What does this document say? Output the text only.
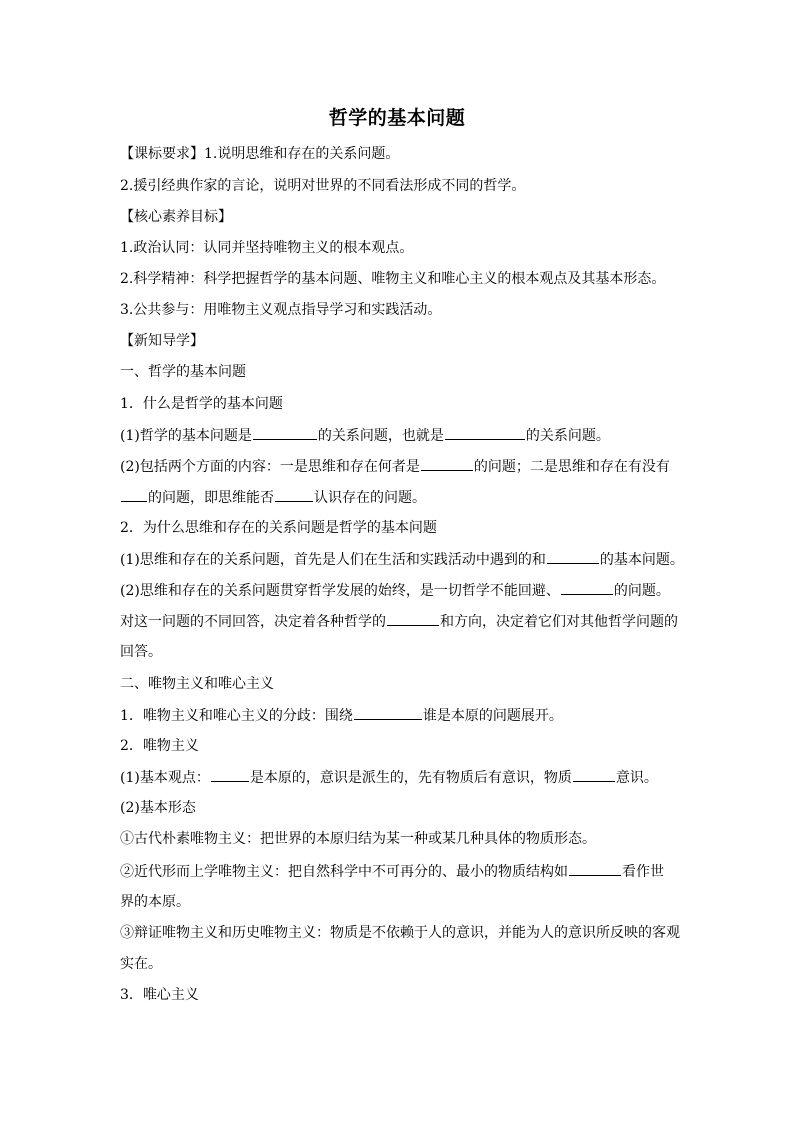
哲学的基本问题
【课标要求】1.说明思维和存在的关系问题。
2.援引经典作家的言论，说明对世界的不同看法形成不同的哲学。
【核心素养目标】
1.政治认同：认同并坚持唯物主义的根本观点。
2.科学精神：科学把握哲学的基本问题、唯物主义和唯心主义的根本观点及其基本形态。
3.公共参与：用唯物主义观点指导学习和实践活动。
【新知导学】
一、哲学的基本问题
1．什么是哲学的基本问题
(1)哲学的基本问题是	的关系问题，也就是	的关系问题。
(2)包括两个方面的内容：一是思维和存在何者是	的问题；二是思维和存在有没有
的问题，即思维能否	认识存在的问题。
2．为什么思维和存在的关系问题是哲学的基本问题
(1)思维和存在的关系问题，首先是人们在生活和实践活动中遇到的和	的基本问题。
(2)思维和存在的关系问题贯穿哲学发展的始终，是一切哲学不能回避、	的问题。
对这一问题的不同回答，决定着各种哲学的	和方向，决定着它们对其他哲学问题的
回答。
二、唯物主义和唯心主义
1．唯物主义和唯心主义的分歧：围绕	谁是本原的问题展开。
2．唯物主义
(1)基本观点：	是本原的，意识是派生的，先有物质后有意识，物质	意识。
(2)基本形态
①古代朴素唯物主义：把世界的本原归结为某一种或某几种具体的物质形态。
②近代形而上学唯物主义：把自然科学中不可再分的、最小的物质结构如	看作世
界的本原。
③辩证唯物主义和历史唯物主义：物质是不依赖于人的意识，并能为人的意识所反映的客观
实在。
3．唯心主义
